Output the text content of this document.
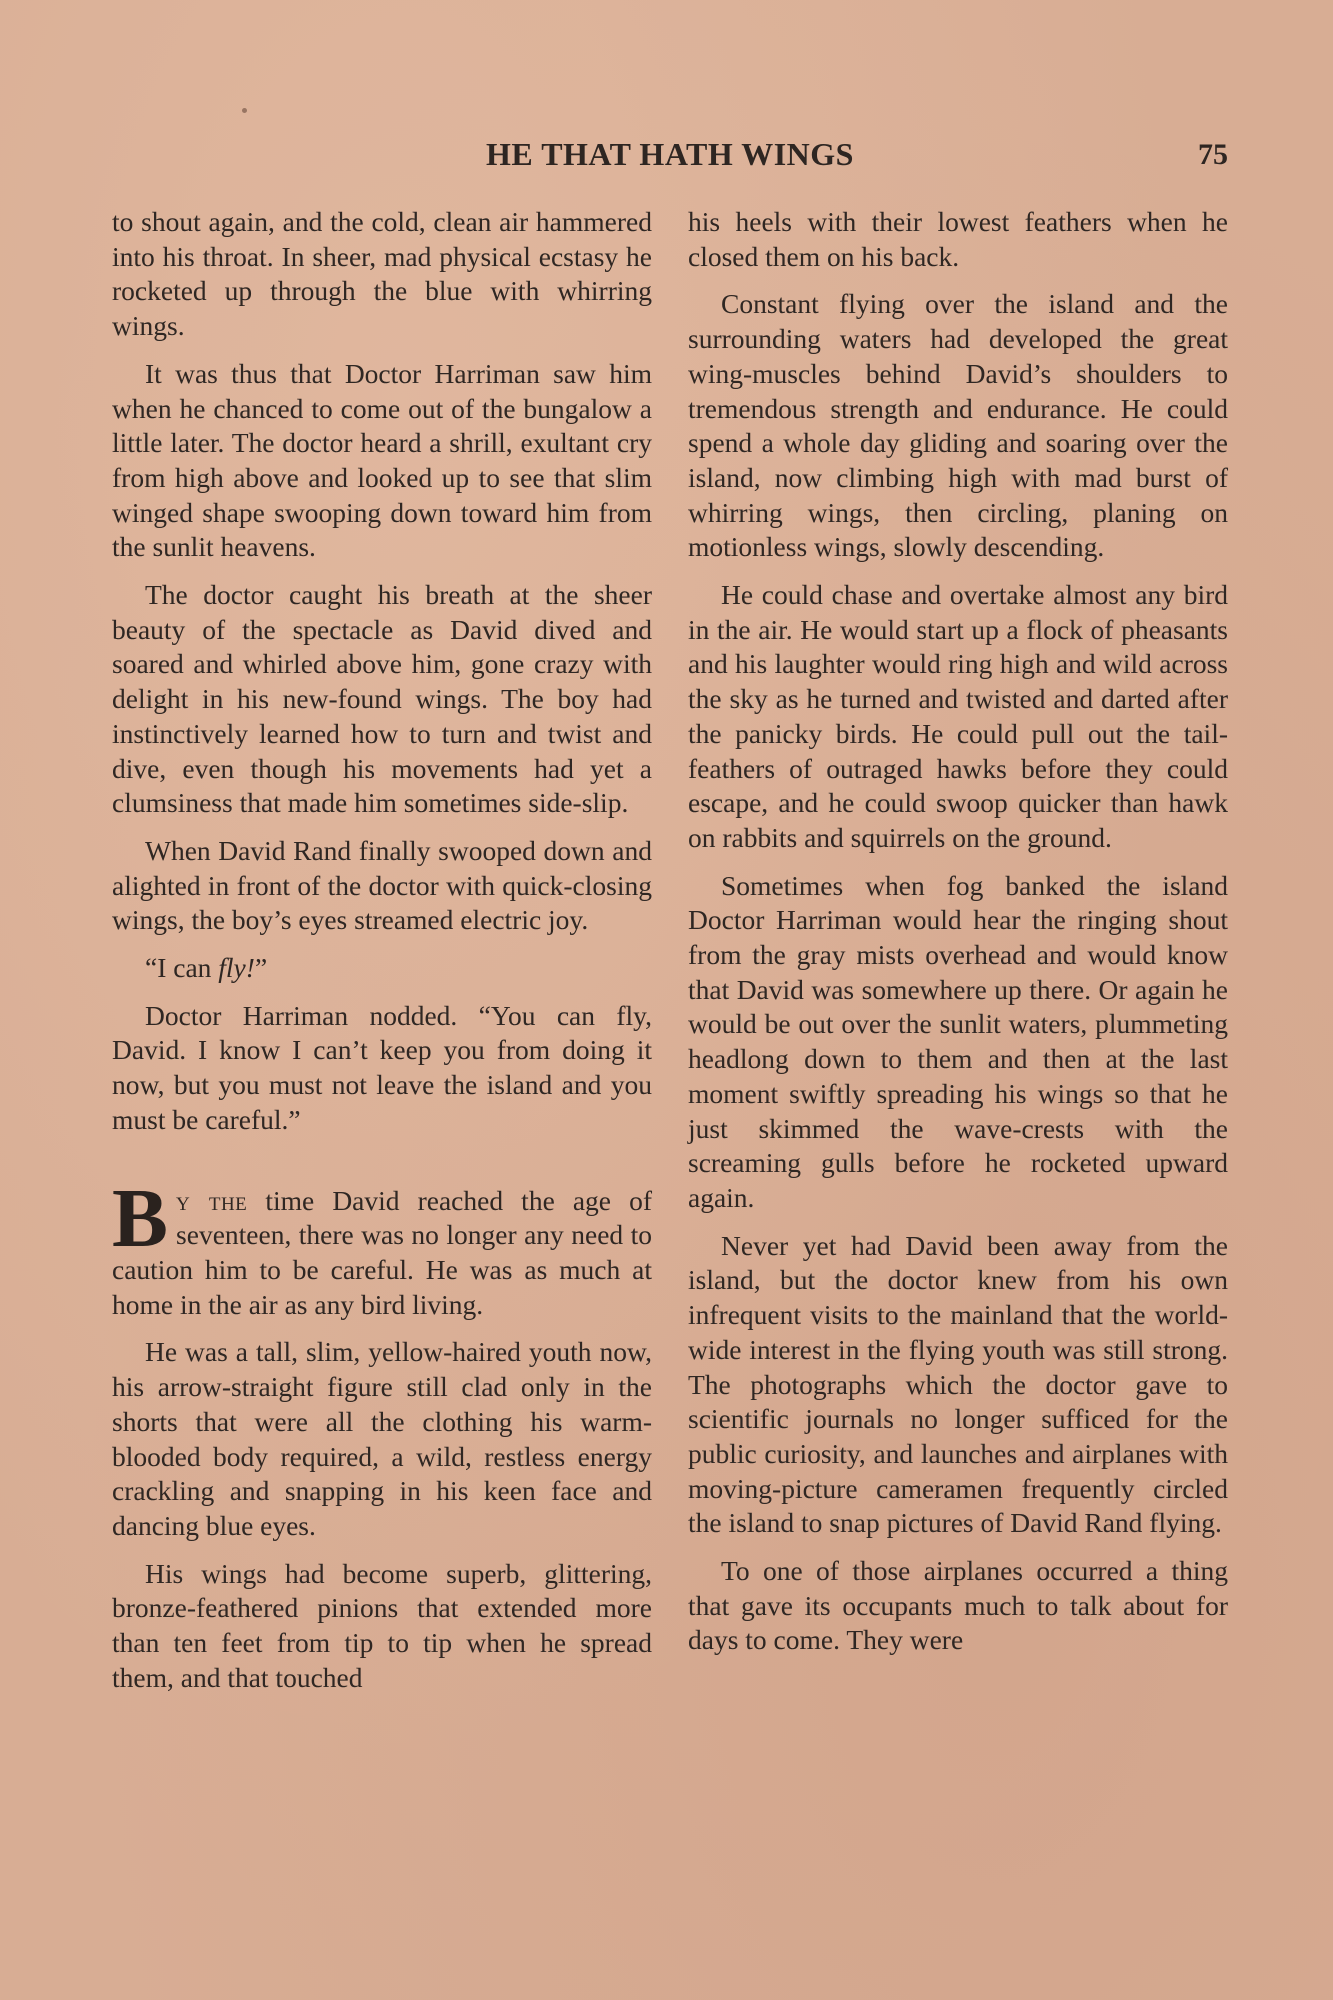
HE THAT HATH WINGS	75

to shout again, and the cold, clean air hammered into his throat. In sheer, mad physical ecstasy he rocketed up through the blue with whirring wings.

It was thus that Doctor Harriman saw him when he chanced to come out of the bungalow a little later. The doctor heard a shrill, exultant cry from high above and looked up to see that slim winged shape swooping down toward him from the sunlit heavens.

The doctor caught his breath at the sheer beauty of the spectacle as David dived and soared and whirled above him, gone crazy with delight in his new-found wings. The boy had instinctively learned how to turn and twist and dive, even though his movements had yet a clumsiness that made him sometimes side-slip.

When David Rand finally swooped down and alighted in front of the doctor with quick-closing wings, the boy’s eyes streamed electric joy.

“I can fly!”

Doctor Harriman nodded. “You can fly, David. I know I can’t keep you from doing it now, but you must not leave the island and you must be careful.”

By the time David reached the age of seventeen, there was no longer any need to caution him to be careful. He was as much at home in the air as any bird living.

He was a tall, slim, yellow-haired youth now, his arrow-straight figure still clad only in the shorts that were all the clothing his warm-blooded body required, a wild, restless energy crackling and snapping in his keen face and dancing blue eyes.

His wings had become superb, glittering, bronze-feathered pinions that extended more than ten feet from tip to tip when he spread them, and that touched

his heels with their lowest feathers when he closed them on his back.

Constant flying over the island and the surrounding waters had developed the great wing-muscles behind David’s shoulders to tremendous strength and endurance. He could spend a whole day gliding and soaring over the island, now climbing high with mad burst of whirring wings, then circling, planing on motionless wings, slowly descending.

He could chase and overtake almost any bird in the air. He would start up a flock of pheasants and his laughter would ring high and wild across the sky as he turned and twisted and darted after the panicky birds. He could pull out the tail-feathers of outraged hawks before they could escape, and he could swoop quicker than hawk on rabbits and squirrels on the ground.

Sometimes when fog banked the island Doctor Harriman would hear the ringing shout from the gray mists overhead and would know that David was somewhere up there. Or again he would be out over the sunlit waters, plummeting headlong down to them and then at the last moment swiftly spreading his wings so that he just skimmed the wave-crests with the screaming gulls before he rocketed upward again.

Never yet had David been away from the island, but the doctor knew from his own infrequent visits to the mainland that the world-wide interest in the flying youth was still strong. The photographs which the doctor gave to scientific journals no longer sufficed for the public curiosity, and launches and airplanes with moving-picture cameramen frequently circled the island to snap pictures of David Rand flying.

To one of those airplanes occurred a thing that gave its occupants much to talk about for days to come. They were
